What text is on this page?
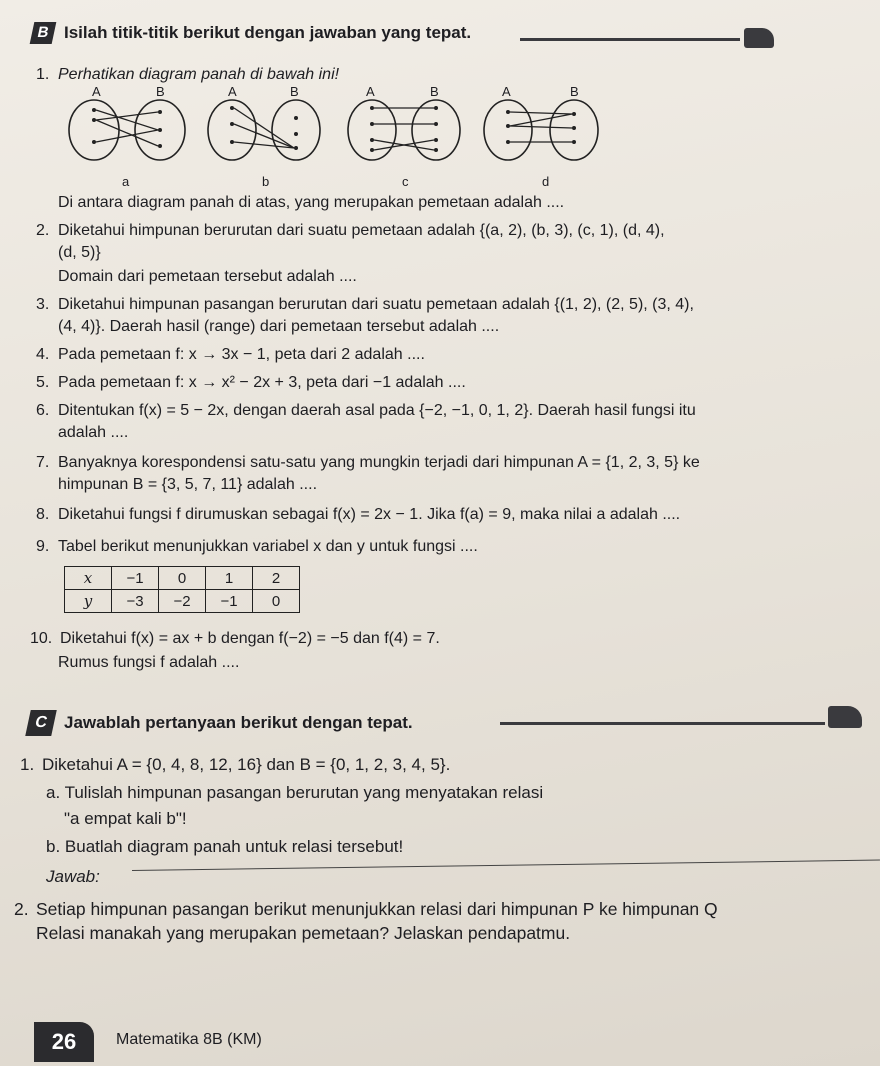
B Isilah titik-titik berikut dengan jawaban yang tepat.
1. Perhatikan diagram panah di bawah ini!
A	B
a
A	B
b
A	B
c
A	B
d
Di antara diagram panah di atas, yang merupakan pemetaan adalah ....
2. Diketahui himpunan berurutan dari suatu pemetaan adalah {(a, 2), (b, 3), (c, 1), (d, 4),
(d, 5)}
Domain dari pemetaan tersebut adalah ....
3. Diketahui himpunan pasangan berurutan dari suatu pemetaan adalah {(1, 2), (2, 5), (3, 4),
(4, 4)}. Daerah hasil (range) dari pemetaan tersebut adalah ....
4. Pada pemetaan f: x → 3x − 1, peta dari 2 adalah ....
5. Pada pemetaan f: x → x² − 2x + 3, peta dari −1 adalah ....
6. Ditentukan f(x) = 5 − 2x, dengan daerah asal pada {−2, −1, 0, 1, 2}. Daerah hasil fungsi itu
adalah ....
7. Banyaknya korespondensi satu-satu yang mungkin terjadi dari himpunan A = {1, 2, 3, 5} ke
himpunan B = {3, 5, 7, 11} adalah ....
8. Diketahui fungsi f dirumuskan sebagai f(x) = 2x − 1. Jika f(a) = 9, maka nilai a adalah ....
9. Tabel berikut menunjukkan variabel x dan y untuk fungsi ....
x	−1	0	1	2
y	−3	−2	−1	0
10. Diketahui f(x) = ax + b dengan f(−2) = −5 dan f(4) = 7.
Rumus fungsi f adalah ....
C Jawablah pertanyaan berikut dengan tepat.
1. Diketahui A = {0, 4, 8, 12, 16} dan B = {0, 1, 2, 3, 4, 5}.
a. Tulislah himpunan pasangan berurutan yang menyatakan relasi
"a empat kali b"!
b. Buatlah diagram panah untuk relasi tersebut!
Jawab:
2. Setiap himpunan pasangan berikut menunjukkan relasi dari himpunan P ke himpunan Q
Relasi manakah yang merupakan pemetaan? Jelaskan pendapatmu.
26	Matematika 8B (KM)
